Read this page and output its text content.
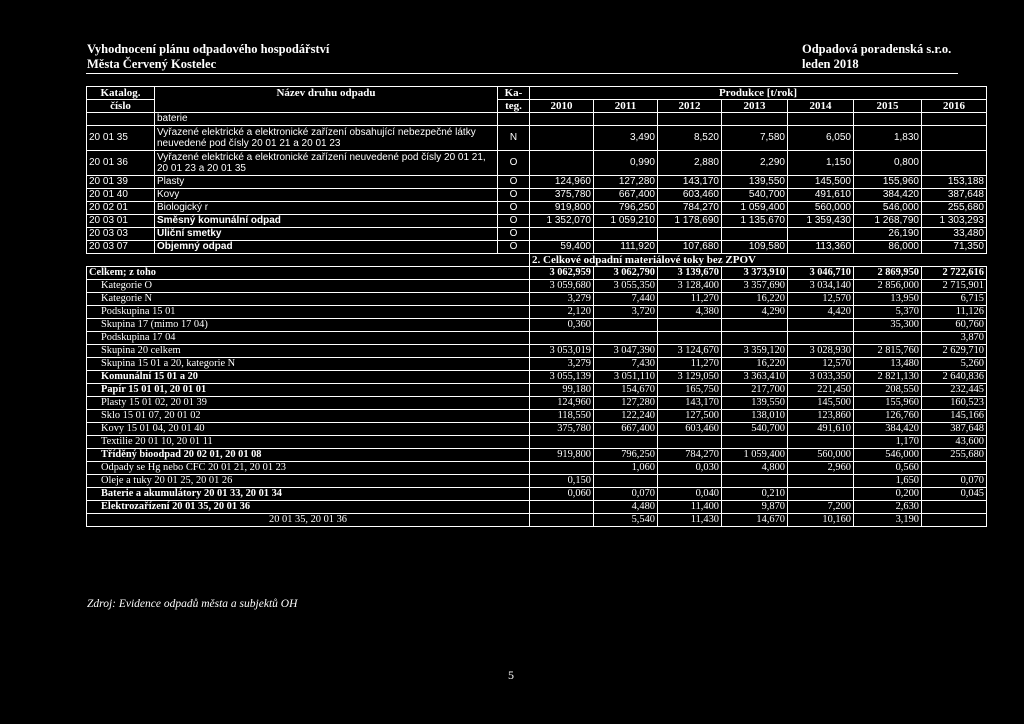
Vyhodnocení plánu odpadového hospodářství
Města Červený Kostelec
Odpadová poradenská s.r.o.
leden 2018
Katalog.	Název druhu odpadu	Ka-	Produkce [t/rok]						
číslo		teg.	2010	2011	2012	2013	2014	2015	2016
	baterie								
20 01 35	Vyřazené elektrické a elektronické zařízení obsahující nebezpečné látky neuvedené pod čísly 20 01 21 a 20 01 23	N		3,490	8,520	7,580	6,050	1,830	
20 01 36	Vyřazené elektrické a elektronické zařízení neuvedené pod čísly 20 01 21, 20 01 23 a 20 01 35	O		0,990	2,880	2,290	1,150	0,800	
20 01 39	Plasty	O	124,960	127,280	143,170	139,550	145,500	155,960	153,188
20 01 40	Kovy	O	375,780	667,400	603,460	540,700	491,610	384,420	387,648
20 02 01	Biologický r	O	919,800	796,250	784,270	1 059,400	560,000	546,000	255,680
20 03 01	Směsný komunální odpad	O	1 352,070	1 059,210	1 178,690	1 135,670	1 359,430	1 268,790	1 303,293
20 03 03	Uliční smetky	O						26,190	33,480
20 03 07	Objemný odpad	O	59,400	111,920	107,680	109,580	113,360	86,000	71,350
			2. Celkové odpadní materiálové toky bez ZPOV						
Celkem; z toho			3 062,959	3 062,790	3 139,670	3 373,910	3 046,710	2 869,950	2 722,616
Kategorie O			3 059,680	3 055,350	3 128,400	3 357,690	3 034,140	2 856,000	2 715,901
Kategorie N			3,279	7,440	11,270	16,220	12,570	13,950	6,715
Podskupina 15 01			2,120	3,720	4,380	4,290	4,420	5,370	11,126
Skupina 17 (mimo 17 04)			0,360					35,300	60,760
Podskupina 17 04									3,870
Skupina 20 celkem			3 053,019	3 047,390	3 124,670	3 359,120	3 028,930	2 815,760	2 629,710
Skupina 15 01 a 20, kategorie N			3,279	7,430	11,270	16,220	12,570	13,480	5,260
Komunální 15 01 a 20			3 055,139	3 051,110	3 129,050	3 363,410	3 033,350	2 821,130	2 640,836
Papír 15 01 01, 20 01 01			99,180	154,670	165,750	217,700	221,450	208,550	232,445
Plasty 15 01 02, 20 01 39			124,960	127,280	143,170	139,550	145,500	155,960	160,523
Sklo 15 01 07, 20 01 02			118,550	122,240	127,500	138,010	123,860	126,760	145,166
Kovy 15 01 04, 20 01 40			375,780	667,400	603,460	540,700	491,610	384,420	387,648
Textilie 20 01 10, 20 01 11								1,170	43,600
Tříděný bioodpad 20 02 01, 20 01 08			919,800	796,250	784,270	1 059,400	560,000	546,000	255,680
Odpady se Hg nebo CFC 20 01 21, 20 01 23				1,060	0,030	4,800	2,960	0,560	
Oleje a tuky 20 01 25, 20 01 26			0,150					1,650	0,070
Baterie a akumulátory 20 01 33, 20 01 34			0,060	0,070	0,040	0,210		0,200	0,045
Elektrozařízení 20 01 35, 20 01 36				4,480	11,400	9,870	7,200	2,630	
20 01 35, 20 01 36				5,540	11,430	14,670	10,160	3,190	
Zdroj: Evidence odpadů města a subjektů OH
5
